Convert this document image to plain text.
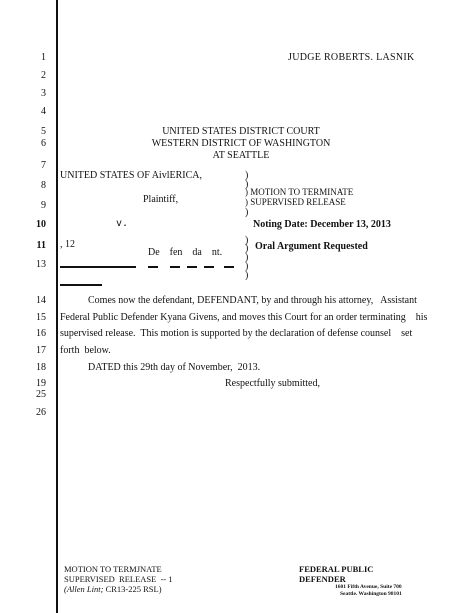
1
2
3
4
5
6
7
8
9
10
11
13
14
15
16
17
18
19
25
26
JUDGE ROBERTS. LASNIK
UNITED STATES DISTRICT COURT
WESTERN DISTRICT OF WASHINGTON
AT SEATTLE
UNITED STATES OF AivlERICA,
Plaintiff,
v.
, 12
De    fen    da    nt.
)
)
) MOTION TO TERMINATE
) SUPERVISED RELEASE
)
Noting Date: December 13, 2013
)
) Oral Argument Requested
)
)
)
Comes now the defendant, DEFENDANT, by and through his attorney,   Assistant
Federal Public Defender Kyana Givens, and moves this Court for an order terminating    his
supervised release.  This motion is supported by the declaration of defense counsel    set
forth  below.
DATED this 29th day of November,  2013.
Respectfully submitted,
MOTION TO TERMJNATE
SUPERVISED  RELEASE  -- 1
(Allen Lint; CR13-225 RSL)
FEDERAL PUBLIC
DEFENDER
1601 Fifth Avenue, Suite 700
Seattle. Washington 98101
